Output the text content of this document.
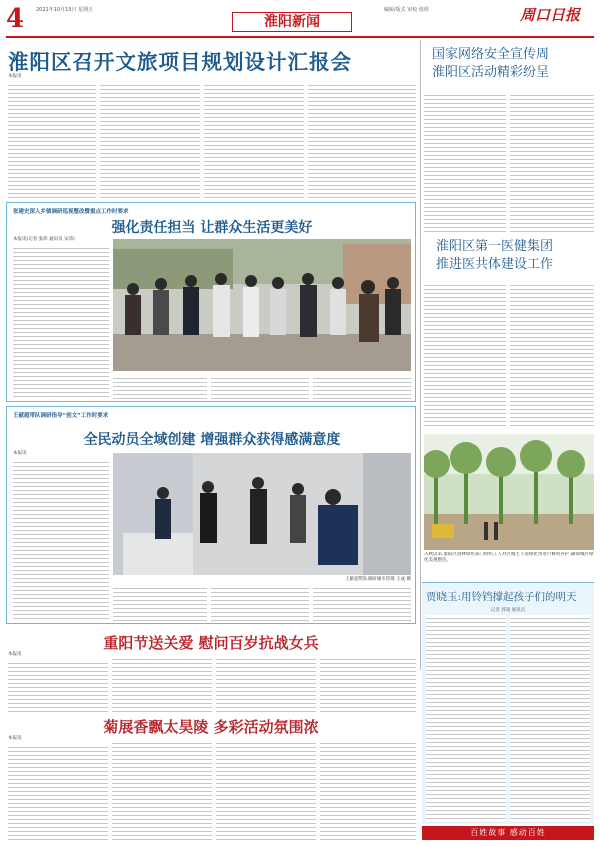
4 2021年10月15日 星期五
淮阳新闻
编辑/版式 审校 值班	周口日报
淮阳区召开文旅项目规划设计汇报会
本报讯
张建史深入乡镇调研巡视整改暨重点工作时要求
强化责任担当 让群众生活更美好
本报讯(记者 张炜 通讯员 宋沛)
王献超带队调研指导“创文”工作时要求
全民动员全域创建 增强群众获得感满意度
本报讯
王献超带队调研城市管理 王成 摄
重阳节送关爱 慰问百岁抗战女兵
本报讯
菊展香飘太昊陵 多彩活动氛围浓
本报讯
国家网络安全宣传周
淮阳区活动精彩纷呈
淮阳区第一医健集团
推进医共体建设工作
入秋以来,淮阳区园林绿化部门组织工人对区城主干道绿化带进行修剪养护,确保城区绿化美观整洁。
贾晓玉:用铃铛撑起孩子们的明天
记者 郭凌 通讯员
百姓故事 感动百姓
